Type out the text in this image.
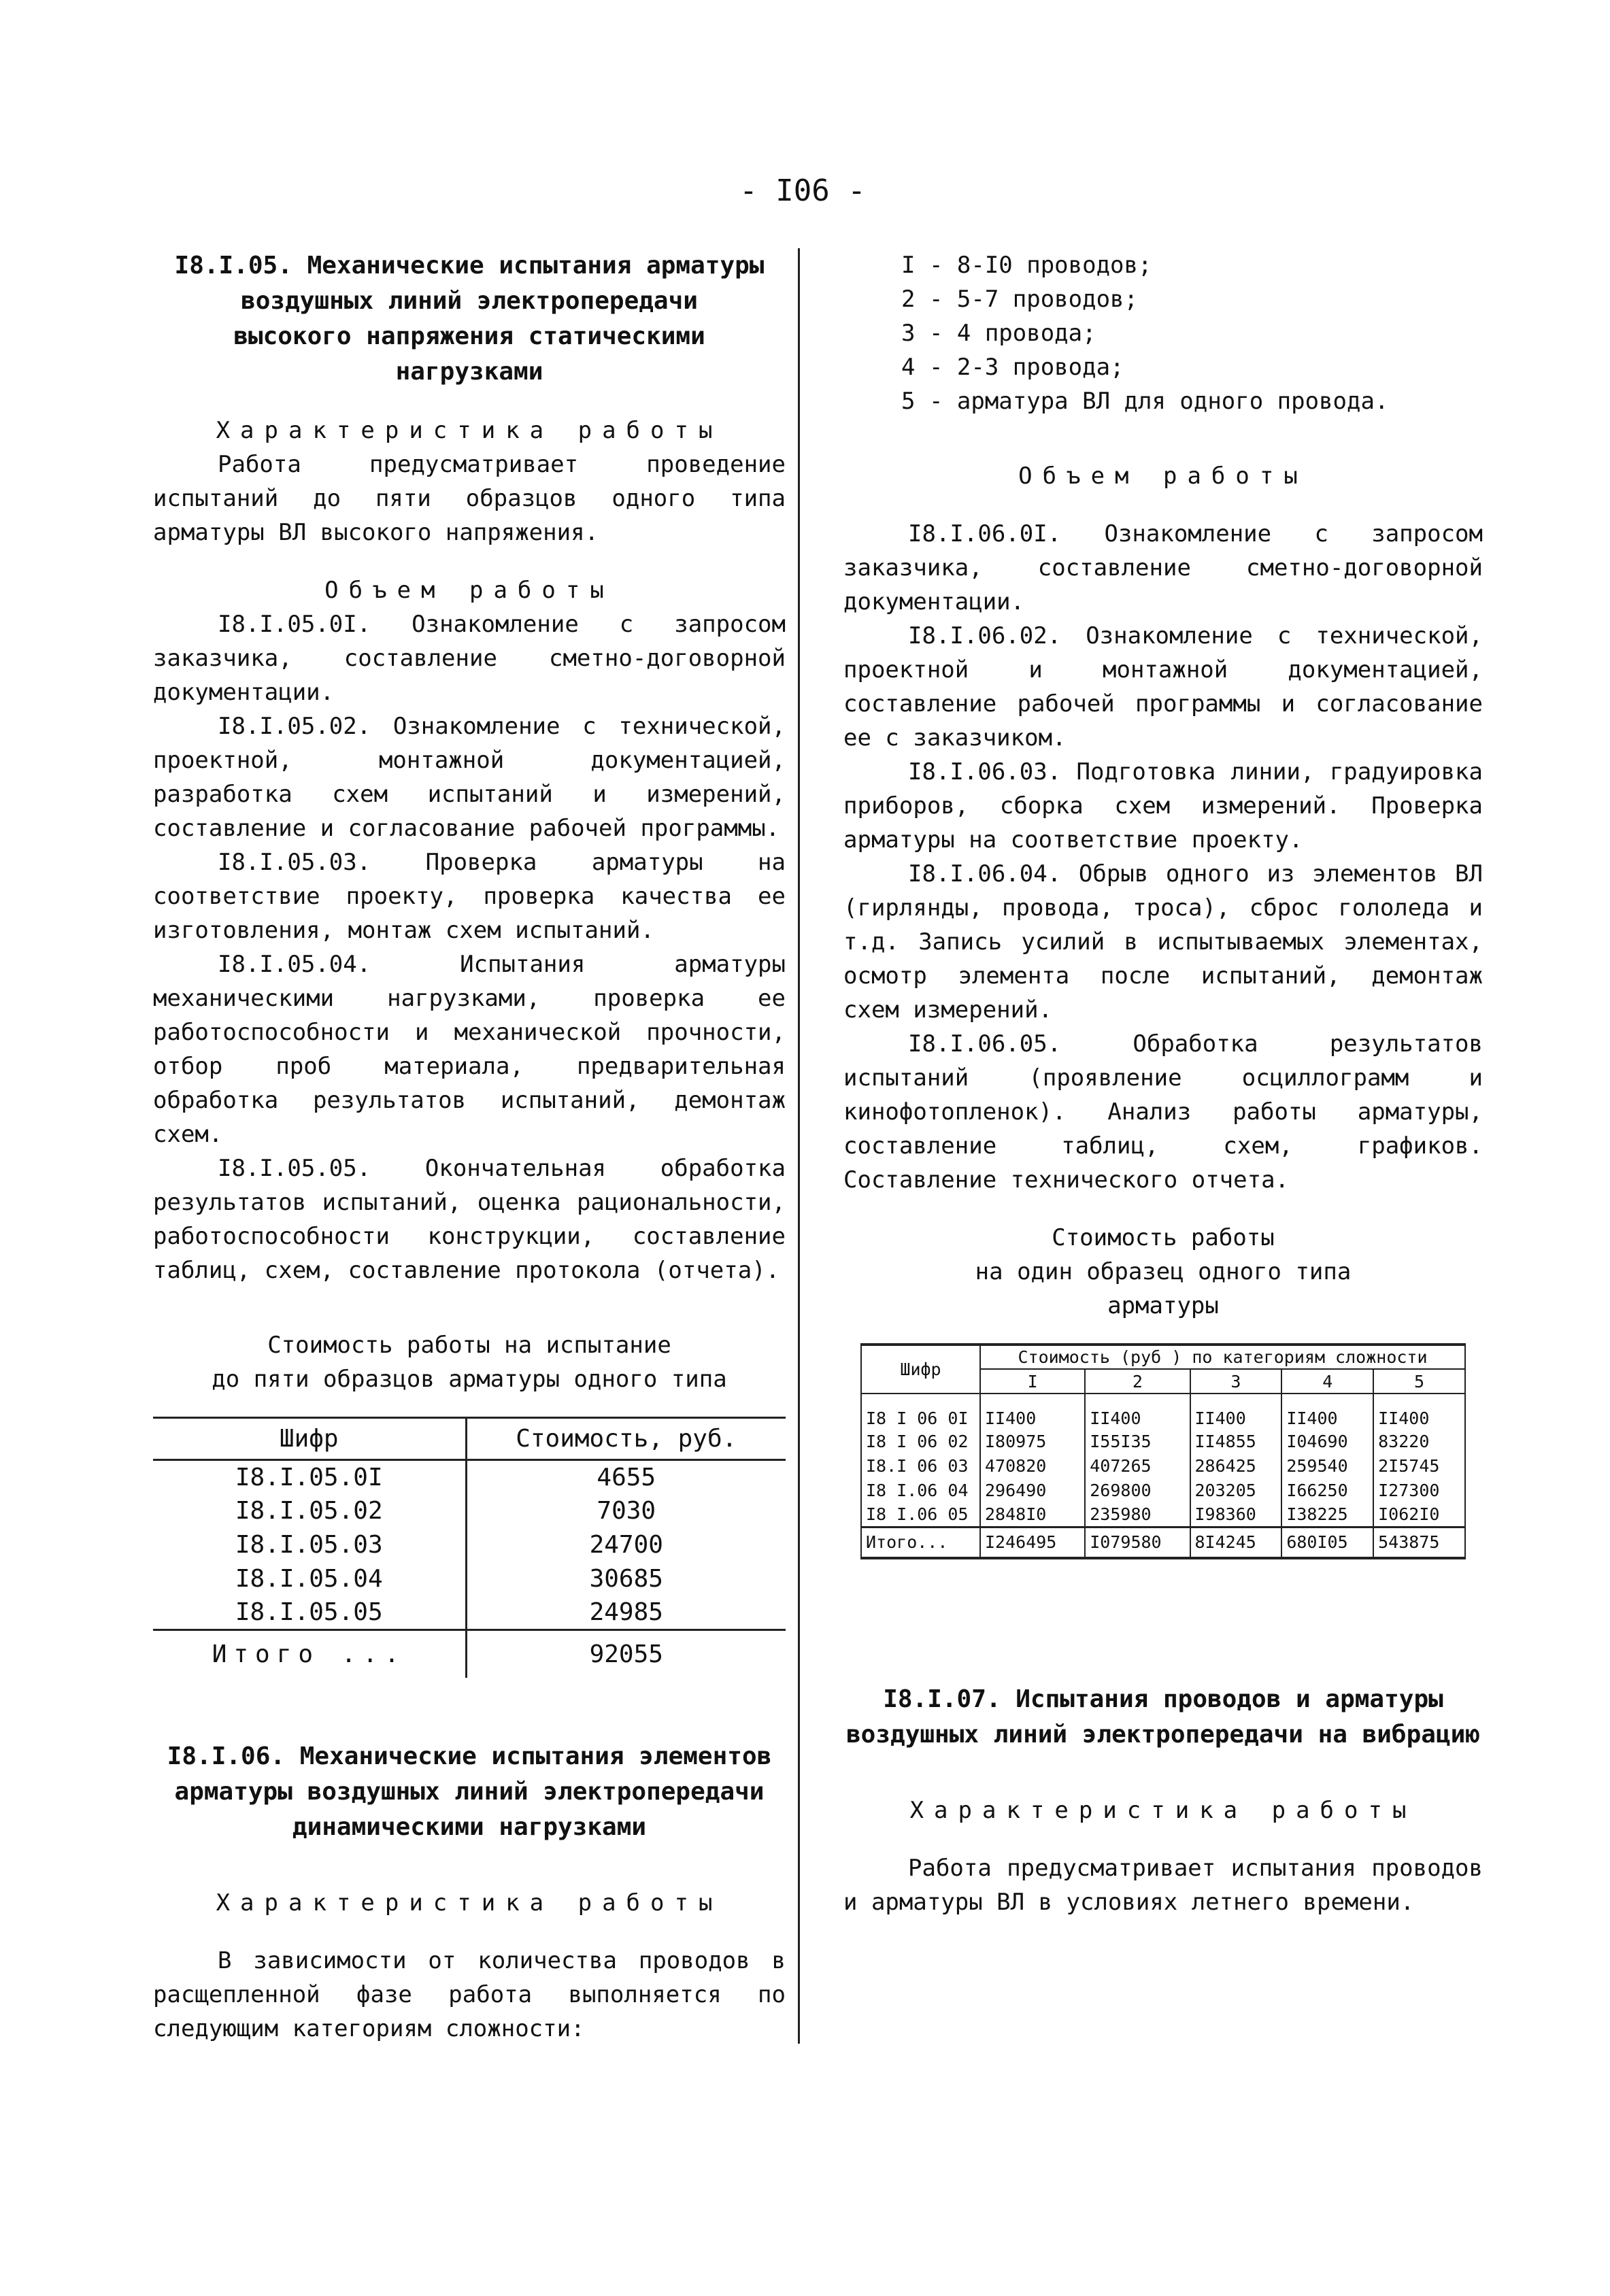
- I06 -
I8.I.05. Механические испытания арматуры
воздушных линий электропередачи
высокого напряжения статическими нагрузками
Характеристика работы
Работа предусматривает проведение испытаний до пяти образцов одного типа арматуры ВЛ высокого напряжения.
Объем работы
I8.I.05.0I. Ознакомление с запросом заказчика, составление сметно-договорной документации.
I8.I.05.02. Ознакомление с технической, проектной, монтажной документацией, разработка схем испытаний и измерений, составление и согласование рабочей программы.
I8.I.05.03. Проверка арматуры на соответствие проекту, проверка качества ее изготовления, монтаж схем испытаний.
I8.I.05.04. Испытания арматуры механическими нагрузками, проверка ее работоспособности и механической прочности, отбор проб материала, предварительная обработка результатов испытаний, демонтаж схем.
I8.I.05.05. Окончательная обработка результатов испытаний, оценка рациональности, работоспособности конструкции, составление таблиц, схем, составление протокола (отчета).
Стоимость работы на испытание
до пяти образцов арматуры одного типа
Шифр	Стоимость, руб.
I8.I.05.0I	4655
I8.I.05.02	7030
I8.I.05.03	24700
I8.I.05.04	30685
I8.I.05.05	24985
Итого ...	92055
I8.I.06. Механические испытания элементов
арматуры воздушных линий электропередачи
динамическими нагрузками
Характеристика работы
В зависимости от количества проводов в расщепленной фазе работа выполняется по следующим категориям сложности:
I - 8-I0 проводов;
2 - 5-7 проводов;
3 - 4 провода;
4 - 2-3 провода;
5 - арматура ВЛ для одного провода.
Объем работы
I8.I.06.0I. Ознакомление с запросом заказчика, составление сметно-договорной документации.
I8.I.06.02. Ознакомление с технической, проектной и монтажной документацией, составление рабочей программы и согласование ее с заказчиком.
I8.I.06.03. Подготовка линии, градуировка приборов, сборка схем измерений. Проверка арматуры на соответствие проекту.
I8.I.06.04. Обрыв одного из элементов ВЛ (гирлянды, провода, троса), сброс гололеда и т.д. Запись усилий в испытываемых элементах, осмотр элемента после испытаний, демонтаж схем измерений.
I8.I.06.05. Обработка результатов испытаний (проявление осциллограмм и кинофотопленок). Анализ работы арматуры, составление таблиц, схем, графиков. Составление технического отчета.
Стоимость работы
на один образец одного типа
арматуры
Шифр	Стоимость (руб ) по категориям сложности				
	I	2	3	4	5
I8 I 06 0I	II400	II400	II400	II400	II400
I8 I 06 02	I80975	I55I35	II4855	I04690	83220
I8.I 06 03	470820	407265	286425	259540	2I5745
I8 I.06 04	296490	269800	203205	I66250	I27300
I8 I.06 05	2848I0	235980	I98360	I38225	I062I0
Итого...	I246495	I079580	8I4245	680I05	543875
I8.I.07. Испытания проводов и арматуры
воздушных линий электропередачи на вибрацию
Характеристика работы
Работа предусматривает испытания проводов и арматуры ВЛ в условиях летнего времени.
